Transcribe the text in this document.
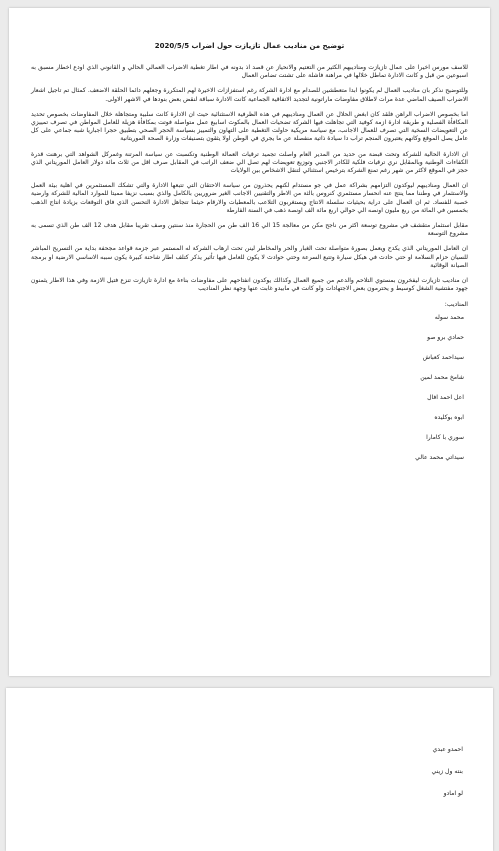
توضيح من مناديب عمال تازيازت حول اضراب 2020/5/5

للاسف مورس اخيرا على عمال تازيازت ومناديبهم الكثير من التعتيم والانحياز عن قصد اذ بدونه في اطار تغطية الاضراب العمالي الحالي و القانوني الذي اودع اخطار مسبق به اسبوعين من قبل و كانت الادارة تماطل خلالها في مراهنة فاشلة على تشتت تضامن العمال

وللتوضيح نذكر بان مناديب العمال لم يكونوا ابدا متعطشين للصدام مع ادارة الشركة رغم استفزازات الاخيرة لهم المتكررة وجعلهم دائما الحلقة الاضعف. كمثال تم تاجيل اشعار الاضراب الصيف الماضي عدة مرات لاطلاق مفاوضات ماراتونية لتجديد الاتفاقية الجماعية كانت الادارة سباقة لنقض بعض بنودها في الاشهر الاولى.

اما بخصوص الاضراب الراهن فلقد كان ابغض الحلال عن العمال ومناديبهم في هذه الظرفية الاستثنائية حيث ان الادارة كانت سلبية ومتجاهلة خلال المفاوضات بخصوص تحديد المكافأة الفصلية و طريقة ادارة ازمة كوفيد التي تجاهلت فيها الشركة تضحيات العمال بالمكوث اسابيع عمل متواصلة فوتت بمكافأة هزيلة للعامل المواطن في تصرف تمييزي عن التعويضات السخية التي تصرف للعمال الاجانب، مع سياسة مريكية حاولت التغطية على التهاون والتمييز بسياسة الحجر الصحي بتطبيق حجرا اجباريا شبه جماعي على كل عامل يصل الموقع وكانهم يعتبرون المنجم تراب دا سيادة ذاتية منفصلة عن ما يجري في الوطن اولا يثقون بتصنيفات وزارة الصحة الموريتانية

ان الادارة الحالية للشركة وتحت قبضة من حديد من المدير العام واصلت تجميد ترقيات العمالة الوطنية وتكسبت عن سياسة المرتنة وغمركل الشواهد التي برهنت قدرة الكفاءات الوطنية وبالمقابل نري ترقيات فلكية للكادر الاجنبي وتوزيع تعويضات لهم تصل الي ضعف الراتب في المقابل صرف اقل من ثلاث مائة دولار العامل الموريتاني الذي حجز في الموقع لاكثر من شهر رغم تمنع الشركة بترخيص استثنائي لتنقل الاشخاص بين الولايات

ان العمال ومناديبهم ليوكدون التزامهم بشراكة عمل في جو مستدام لكنهم يحذرون من سياسة الاحتقان التي تتبعها الادارة والتي تشكك المستثمرين في اهلية بيئة العمل والاستثمار في وطننا مما ينتج عنه انحسار مستثمري كنروس بالثة من الاطر والتقنيين الاجانب الغير ضروريين بالكامل والذي بسبب نزيفا مميتا للموارد المالية للشركة وارضية خصبة للفساد. ثم ان العمال على دراية بحيثيات سلسلة الانتاج ويستغربون التلاعب بالمعطيات والارقام حيثما تتجاهل الادارة التحسن الذي فاق التوقعات بزيادة انتاج الذهب بخمسين في المائة من ربع مليون اونصه الي حوالي اربع مائة الف اونصة ذهب في السنة الفارطة

مقابل استثمار متقشف في مشروع توسعة اكثر من ناجح مكن من معالجة 15 الي 16 الف طن من الحجارة منذ سنتين وصف تقريبا مقابل هدف 12 الف طن الذي تسمى به مشروع التوسعة

ان العامل الموريتاني الذي يكدح ويعمل بصورة متواصلة تحت الغبار والحر والمخاطر لينن تحت ارهاب الشركة له المستمر عبر جزمة قواعد مجحفة بداية من التسريح المباشر للسيان حزام السلامة او حتي حادث في هيكل سيارة وتتبع السرعة وحتي حوادث لا يكون للعامل فيها تأثير يذكر كتلف اطار شاحنة كبيرة يكون سببه الاساسي الارضية او برمجة الصيانة الوقائية

ان مناديب تازيازت ليفخرون بمستوي التلاحم والدعم من جميع العمال وكذالك يوكدون انفتاحهم على مفاوضات بناءة مع ادارة تازيازت تنزع فتيل الازمة وفي هذا الاطار يثمنون جهود مفتشية الشغل كوسيط و يحترمون بعض الاجتهادات ولو كانت في مابيدو غابت عنها وجهة نظر المناديب

المناديب:
محمد سوله
حمادي برو صو
سيداحمد كعباش
شامخ محمد لمين
اعل احمد افال
ابوه بوكليده
سوري با كامارا
سيداتي محمد عالي
احمدو عبدي
بنته ول زيني
لو امادو
